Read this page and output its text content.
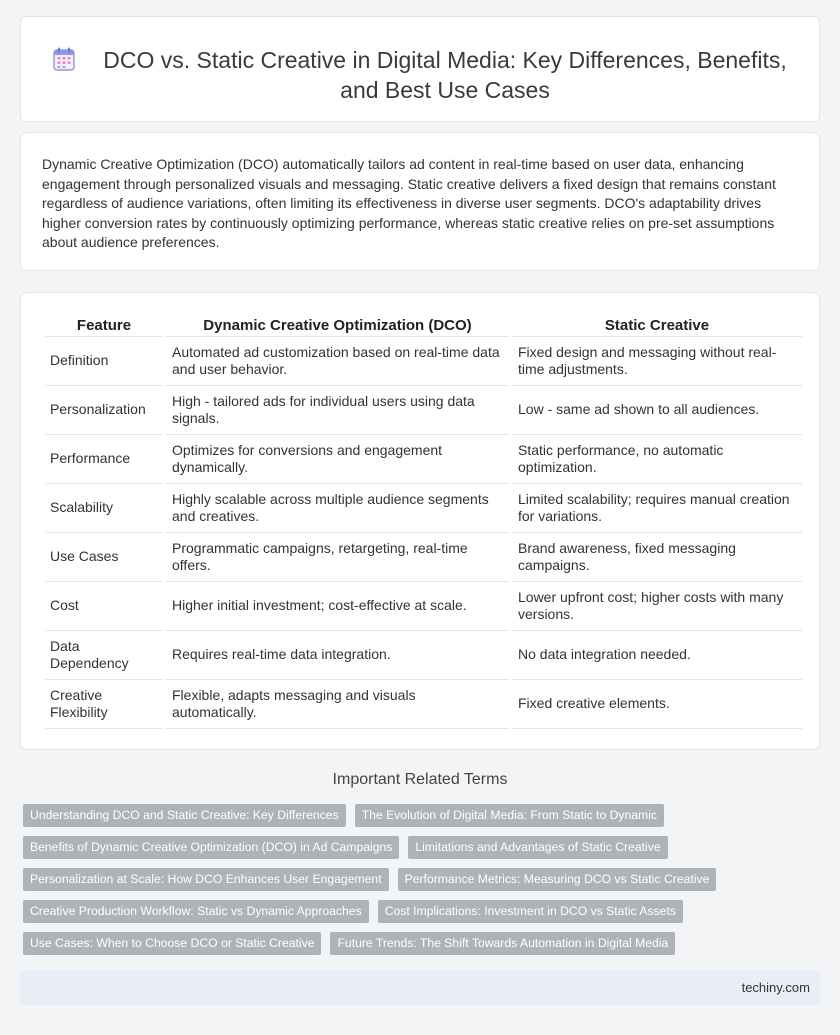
DCO vs. Static Creative in Digital Media: Key Differences, Benefits, and Best Use Cases

Dynamic Creative Optimization (DCO) automatically tailors ad content in real-time based on user data, enhancing engagement through personalized visuals and messaging. Static creative delivers a fixed design that remains constant regardless of audience variations, often limiting its effectiveness in diverse user segments. DCO's adaptability drives higher conversion rates by continuously optimizing performance, whereas static creative relies on pre-set assumptions about audience preferences.

Feature	Dynamic Creative Optimization (DCO)	Static Creative
Definition	Automated ad customization based on real-time data and user behavior.	Fixed design and messaging without real-time adjustments.
Personalization	High - tailored ads for individual users using data signals.	Low - same ad shown to all audiences.
Performance	Optimizes for conversions and engagement dynamically.	Static performance, no automatic optimization.
Scalability	Highly scalable across multiple audience segments and creatives.	Limited scalability; requires manual creation for variations.
Use Cases	Programmatic campaigns, retargeting, real-time offers.	Brand awareness, fixed messaging campaigns.
Cost	Higher initial investment; cost-effective at scale.	Lower upfront cost; higher costs with many versions.
Data Dependency	Requires real-time data integration.	No data integration needed.
Creative Flexibility	Flexible, adapts messaging and visuals automatically.	Fixed creative elements.
Important Related Terms
Understanding DCO and Static Creative: Key Differences	The Evolution of Digital Media: From Static to Dynamic
Benefits of Dynamic Creative Optimization (DCO) in Ad Campaigns	Limitations and Advantages of Static Creative
Personalization at Scale: How DCO Enhances User Engagement	Performance Metrics: Measuring DCO vs Static Creative
Creative Production Workflow: Static vs Dynamic Approaches	Cost Implications: Investment in DCO vs Static Assets
Use Cases: When to Choose DCO or Static Creative	Future Trends: The Shift Towards Automation in Digital Media
techiny.com
